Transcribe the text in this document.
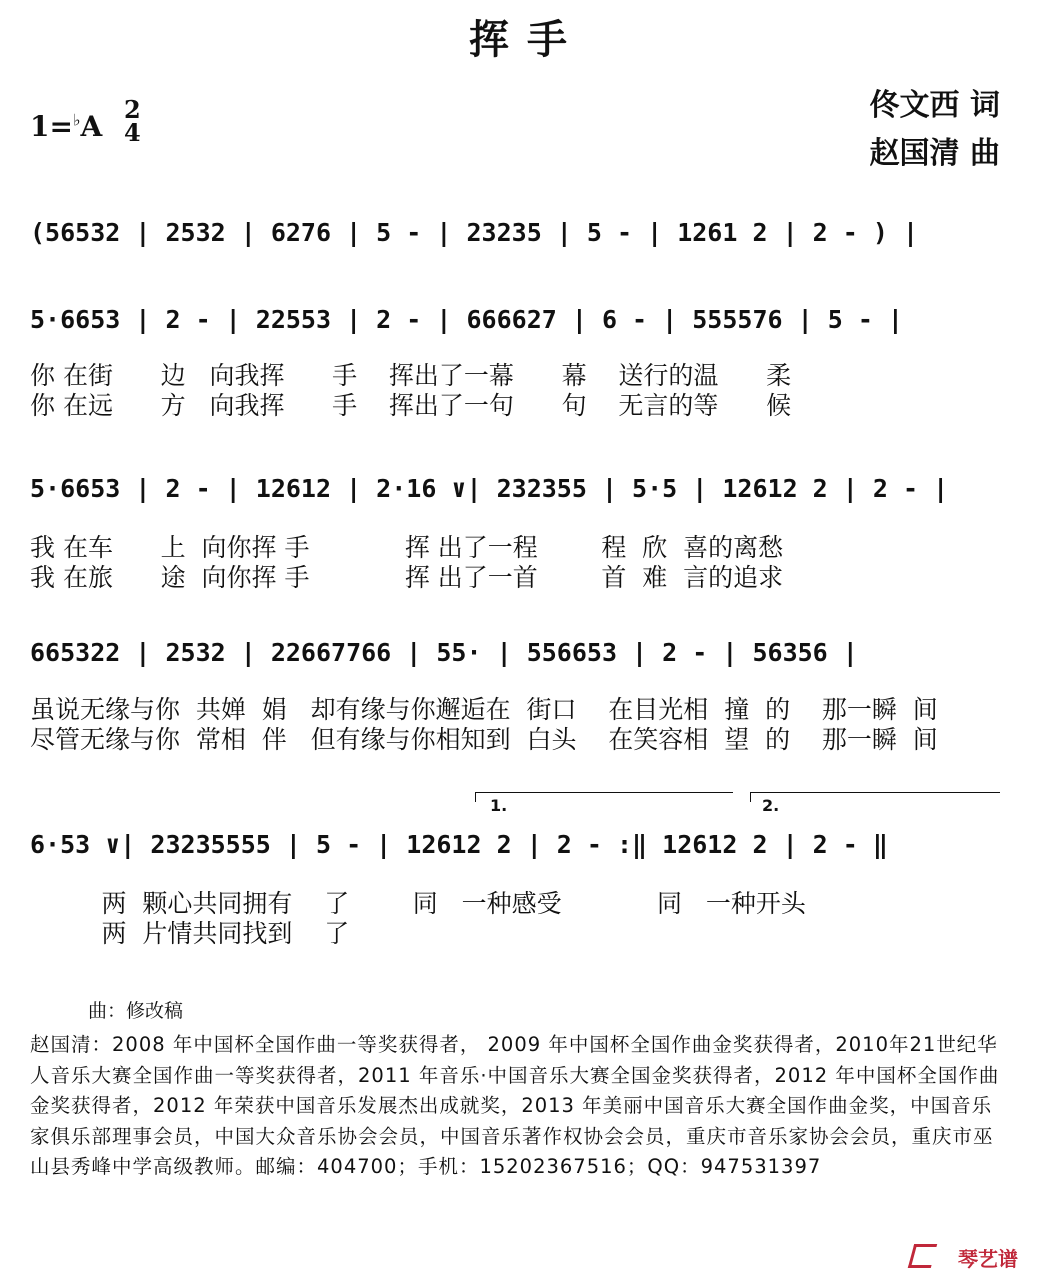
挥 手
佟文西 词
赵国清 曲
1=♭A
2
4
(56532 | 2532 | 6276 | 5 - | 23235 | 5 - | 1261 2 | 2 - ) |
5·6653 | 2 - | 22553 | 2 - | 666627 | 6 - | 555576 | 5 - |
你 在街      边   向我挥      手    挥出了一幕      幕    送行的温      柔
你 在远      方   向我挥      手    挥出了一句      句    无言的等      候
5·6653 | 2 - | 12612 | 2·16 ∨| 232355 | 5·5 | 12612 2 | 2 - |
我 在车      上  向你挥 手            挥 出了一程        程  欣  喜的离愁
我 在旅      途  向你挥 手            挥 出了一首        首  难  言的追求
665322 | 2532 | 22667766 | 55· | 556653 | 2 - | 56356 |
虽说无缘与你  共婵  娟   却有缘与你邂逅在  街口    在目光相  撞  的    那一瞬  间
尽管无缘与你  常相  伴   但有缘与你相知到  白头    在笑容相  望  的    那一瞬  间
1.	2.
6·53 ∨| 23235555 | 5 - | 12612 2 | 2 - :‖ 12612 2 | 2 - ‖
两  颗心共同拥有    了        同   一种感受            同   一种开头
两  片情共同找到    了
曲：修改稿
赵国清：2008 年中国杯全国作曲一等奖获得者， 2009 年中国杯全国作曲金奖获得者，2010年21世纪华人音乐大赛全国作曲一等奖获得者，2011 年音乐·中国音乐大赛全国金奖获得者，2012 年中国杯全国作曲金奖获得者，2012 年荣获中国音乐发展杰出成就奖，2013 年美丽中国音乐大赛全国作曲金奖，中国音乐家俱乐部理事会员，中国大众音乐协会会员，中国音乐著作权协会会员，重庆市音乐家协会会员，重庆市巫山县秀峰中学高级教师。邮编：404700；手机：15202367516；QQ：947531397
琴艺谱
